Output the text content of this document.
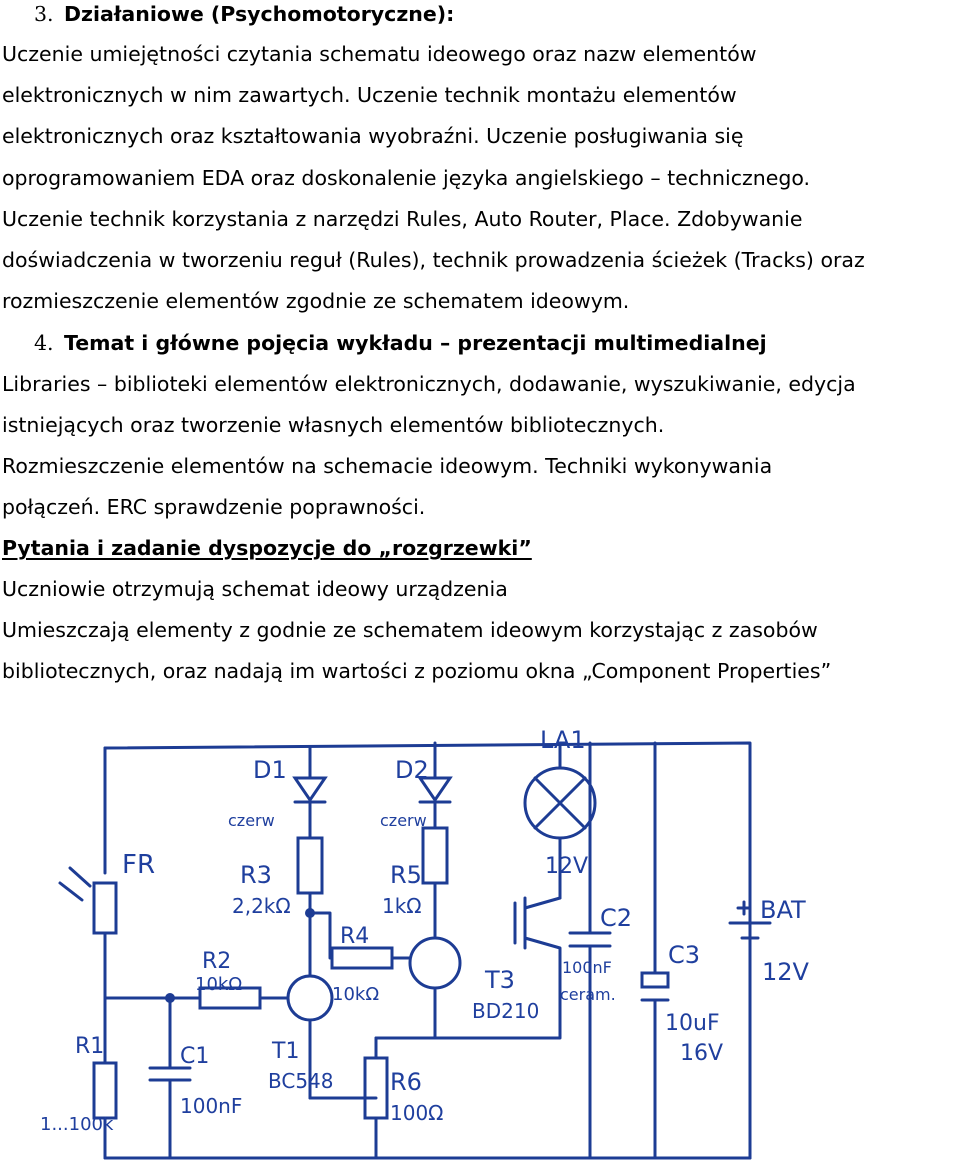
3. Działaniowe (Psychomotoryczne):
Uczenie umiejętności czytania schematu ideowego oraz nazw elementów
elektronicznych w nim zawartych. Uczenie technik montażu elementów
elektronicznych oraz kształtowania wyobraźni. Uczenie posługiwania się
oprogramowaniem EDA oraz doskonalenie języka angielskiego – technicznego.
Uczenie technik korzystania z narzędzi Rules, Auto Router, Place. Zdobywanie
doświadczenia w tworzeniu reguł (Rules), technik prowadzenia ścieżek (Tracks) oraz
rozmieszczenie elementów zgodnie ze schematem ideowym.
4. Temat i główne pojęcia wykładu – prezentacji multimedialnej
Libraries – biblioteki elementów elektronicznych, dodawanie, wyszukiwanie, edycja
istniejących oraz tworzenie własnych elementów bibliotecznych.
Rozmieszczenie elementów na schemacie ideowym. Techniki wykonywania
połączeń. ERC sprawdzenie poprawności.
Pytania i zadanie dyspozycje do „rozgrzewki”
Uczniowie otrzymują schemat ideowy urządzenia
Umieszczają elementy z godnie ze schematem ideowym korzystając z zasobów
bibliotecznych, oraz nadają im wartości z poziomu okna „Component Properties”
D1
czerw
D2
czerw
LA1
12V
FR	R3
2,2kΩ
R5
1kΩ
R4
10kΩ
R2
10kΩ
R1
1...100k
C1
100nF
T1
BC548 R6
100Ω
T3
BD210
C2
100nF
ceram.
C3
10uF
16V
BAT
12V
